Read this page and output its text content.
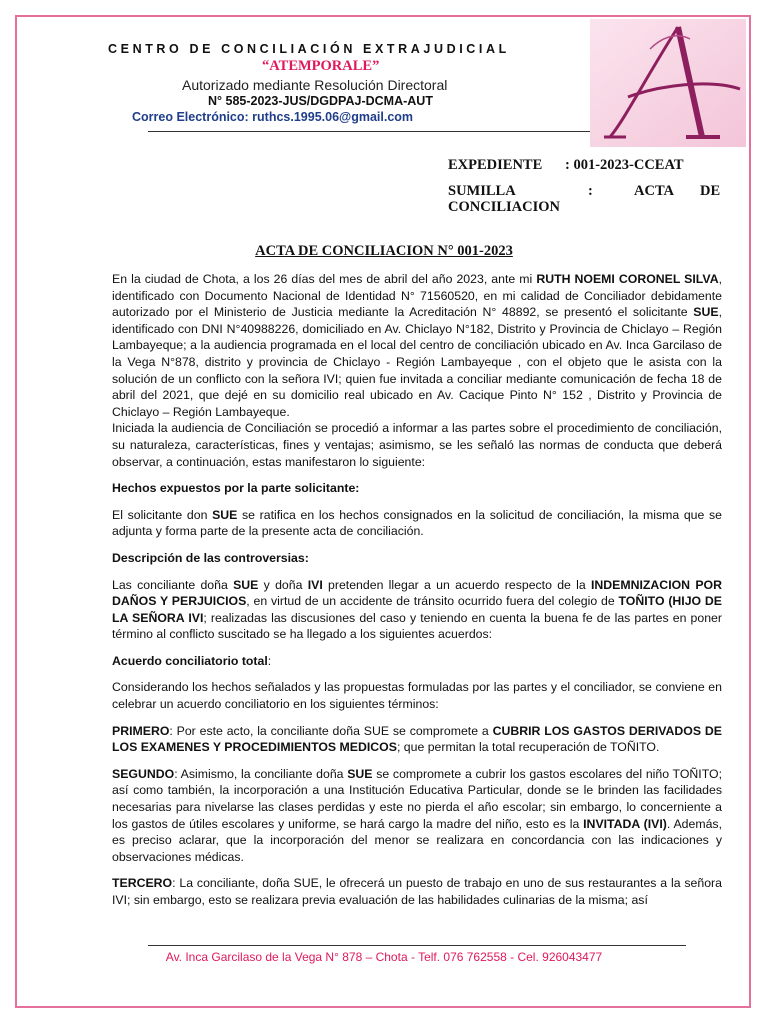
CENTRO DE CONCILIACIÓN EXTRAJUDICIAL
“ATEMPORALE”
Autorizado mediante Resolución Directoral
N° 585-2023-JUS/DGDPAJ-DCMA-AUT
Correo Electrónico: ruthcs.1995.06@gmail.com
EXPEDIENTE : 001-2023-CCEAT
SUMILLA	:	ACTA DE
CONCILIACION
ACTA DE CONCILIACION N° 001-2023

En la ciudad de Chota, a los 26 días del mes de abril del año 2023, ante mi RUTH NOEMI CORONEL SILVA, identificado con Documento Nacional de Identidad N° 71560520, en mi calidad de Conciliador debidamente autorizado por el Ministerio de Justicia mediante la Acreditación N° 48892, se presentó el solicitante SUE, identificado con DNI N°40988226, domiciliado en Av. Chiclayo N°182, Distrito y Provincia de Chiclayo – Región Lambayeque; a la audiencia programada en el local del centro de conciliación ubicado en Av. Inca Garcilaso de la Vega N°878, distrito y provincia de Chiclayo - Región Lambayeque , con el objeto que le asista con la solución de un conflicto con la señora IVI; quien fue invitada a conciliar mediante comunicación de fecha 18 de abril del 2021, que dejé en su domicilio real ubicado en Av. Cacique Pinto N° 152 , Distrito y Provincia de Chiclayo – Región Lambayeque.

Iniciada la audiencia de Conciliación se procedió a informar a las partes sobre el procedimiento de conciliación, su naturaleza, características, fines y ventajas; asimismo, se les señaló las normas de conducta que deberá observar, a continuación, estas manifestaron lo siguiente:

Hechos expuestos por la parte solicitante:

El solicitante don SUE se ratifica en los hechos consignados en la solicitud de conciliación, la misma que se adjunta y forma parte de la presente acta de conciliación.

Descripción de las controversias:

Las conciliante doña SUE y doña IVI pretenden llegar a un acuerdo respecto de la INDEMNIZACION POR DAÑOS Y PERJUICIOS, en virtud de un accidente de tránsito ocurrido fuera del colegio de TOÑITO (HIJO DE LA SEÑORA IVI; realizadas las discusiones del caso y teniendo en cuenta la buena fe de las partes en poner término al conflicto suscitado se ha llegado a los siguientes acuerdos:

Acuerdo conciliatorio total:

Considerando los hechos señalados y las propuestas formuladas por las partes y el conciliador, se conviene en celebrar un acuerdo conciliatorio en los siguientes términos:

PRIMERO: Por este acto, la conciliante doña SUE se compromete a CUBRIR LOS GASTOS DERIVADOS DE LOS EXAMENES Y PROCEDIMIENTOS MEDICOS; que permitan la total recuperación de TOÑITO.

SEGUNDO: Asimismo, la conciliante doña SUE se compromete a cubrir los gastos escolares del niño TOÑITO; así como también, la incorporación a una Institución Educativa Particular, donde se le brinden las facilidades necesarias para nivelarse las clases perdidas y este no pierda el año escolar; sin embargo, lo concerniente a los gastos de útiles escolares y uniforme, se hará cargo la madre del niño, esto es la INVITADA (IVI). Además, es preciso aclarar, que la incorporación del menor se realizara en concordancia con las indicaciones y observaciones médicas.

TERCERO: La conciliante, doña SUE, le ofrecerá un puesto de trabajo en uno de sus restaurantes a la señora IVI; sin embargo, esto se realizara previa evaluación de las habilidades culinarias de la misma; así

Av. Inca Garcilaso de la Vega N° 878 – Chota - Telf. 076 762558 - Cel. 926043477
